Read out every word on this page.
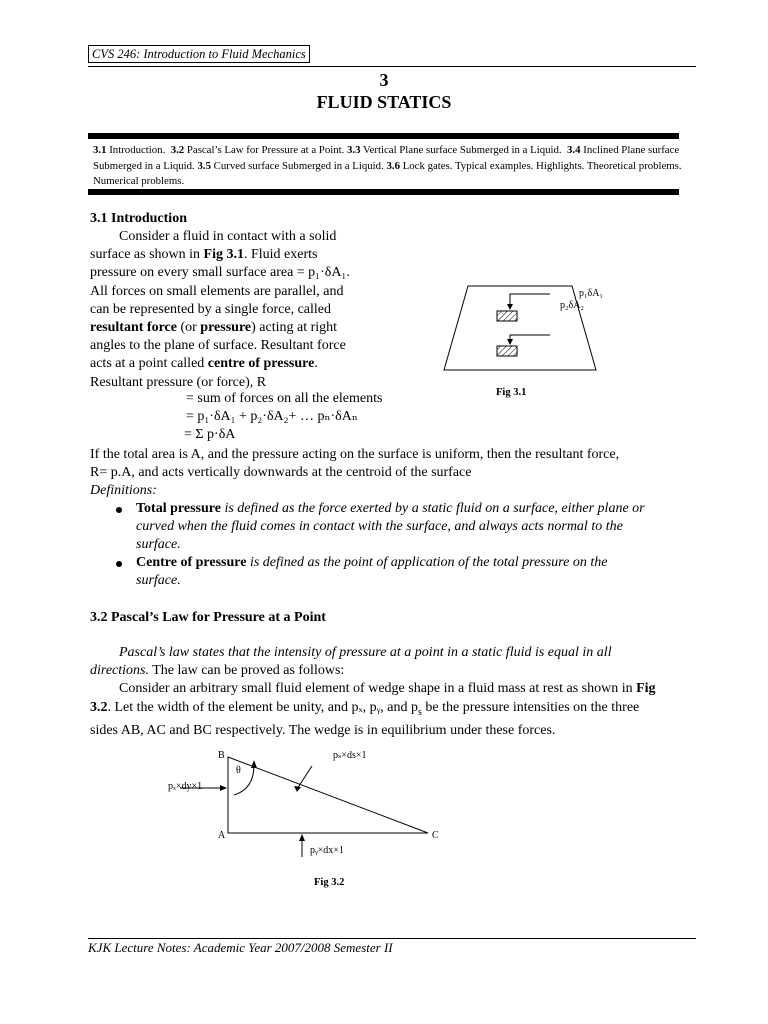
CVS 246: Introduction to Fluid Mechanics
3
FLUID STATICS
3.1 Introduction. 3.2 Pascal’s Law for Pressure at a Point. 3.3 Vertical Plane surface Submerged in a Liquid. 3.4 Inclined Plane surface Submerged in a Liquid. 3.5 Curved surface Submerged in a Liquid. 3.6 Lock gates. Typical examples. Highlights. Theoretical problems. Numerical problems.
3.1 Introduction
Consider a fluid in contact with a solid
surface as shown in Fig 3.1. Fluid exerts
pressure on every small surface area = p₁·δA₁.
All forces on small elements are parallel, and
can be represented by a single force, called
resultant force (or pressure) acting at right
angles to the plane of surface. Resultant force
acts at a point called centre of pressure.
Resultant pressure (or force), R
= sum of forces on all the elements
= p₁·δA₁ + p₂·δA₂+ … pₙ·δAₙ
= Σ p·δA
If the total area is A, and the pressure acting on the surface is uniform, then the resultant force,
R= p.A, and acts vertically downwards at the centroid of the surface
Definitions:
Total pressure is defined as the force exerted by a static fluid on a surface, either plane or
curved when the fluid comes in contact with the surface, and always acts normal to the
surface.
Centre of pressure is defined as the point of application of the total pressure on the
surface.
p₁δA₁
p₂δA₂
Fig 3.1
3.2 Pascal’s Law for Pressure at a Point
Pascal’s law states that the intensity of pressure at a point in a static fluid is equal in all
directions. The law can be proved as follows:
Consider an arbitrary small fluid element of wedge shape in a fluid mass at rest as shown in Fig
3.2. Let the width of the element be unity, and pₓ, pᵧ, and $p_s$ be the pressure intensities on the three
sides AB, AC and BC respectively. The wedge is in equilibrium under these forces.
B
A	C
θ
pₓ×dy×1
pₛ×ds×1
pᵧ×dx×1
Fig 3.2
KJK Lecture Notes: Academic Year 2007/2008 Semester II
